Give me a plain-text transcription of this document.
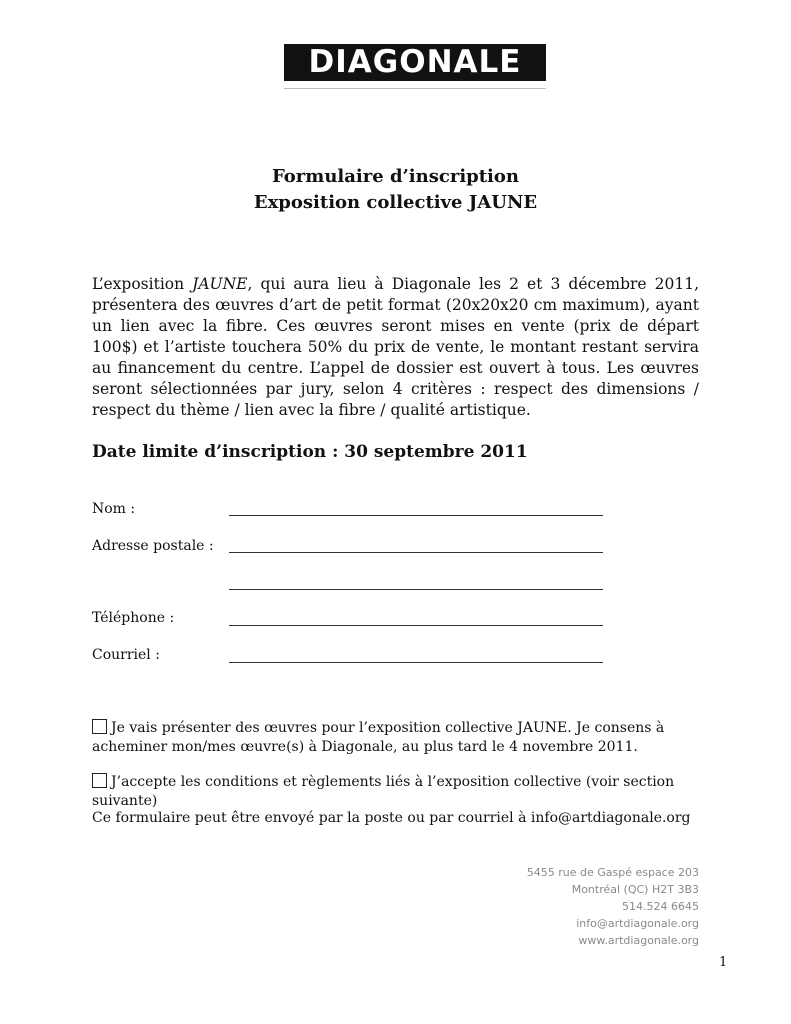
DIAGONALE
Formulaire d’inscription
Exposition collective JAUNE

L’exposition JAUNE, qui aura lieu à Diagonale les 2 et 3 décembre 2011, présentera des œuvres d’art de petit format (20x20x20 cm maximum), ayant un lien avec la fibre. Ces œuvres seront mises en vente (prix de départ 100$) et l’artiste touchera 50% du prix de vente, le montant restant servira au financement du centre. L’appel de dossier est ouvert à tous. Les œuvres seront sélectionnées par jury, selon 4 critères : respect des dimensions / respect du thème / lien avec la fibre / qualité artistique.

Date limite d’inscription : 30 septembre 2011
Nom :
Adresse postale :
Téléphone :
Courriel :
Je vais présenter des œuvres pour l’exposition collective JAUNE. Je consens à acheminer mon/mes œuvre(s) à Diagonale, au plus tard le 4 novembre 2011.
J’accepte les conditions et règlements liés à l’exposition collective (voir section suivante)
Ce formulaire peut être envoyé par la poste ou par courriel à info@artdiagonale.org
5455 rue de Gaspé espace 203
Montréal (QC) H2T 3B3
514.524 6645
info@artdiagonale.org
www.artdiagonale.org
1
